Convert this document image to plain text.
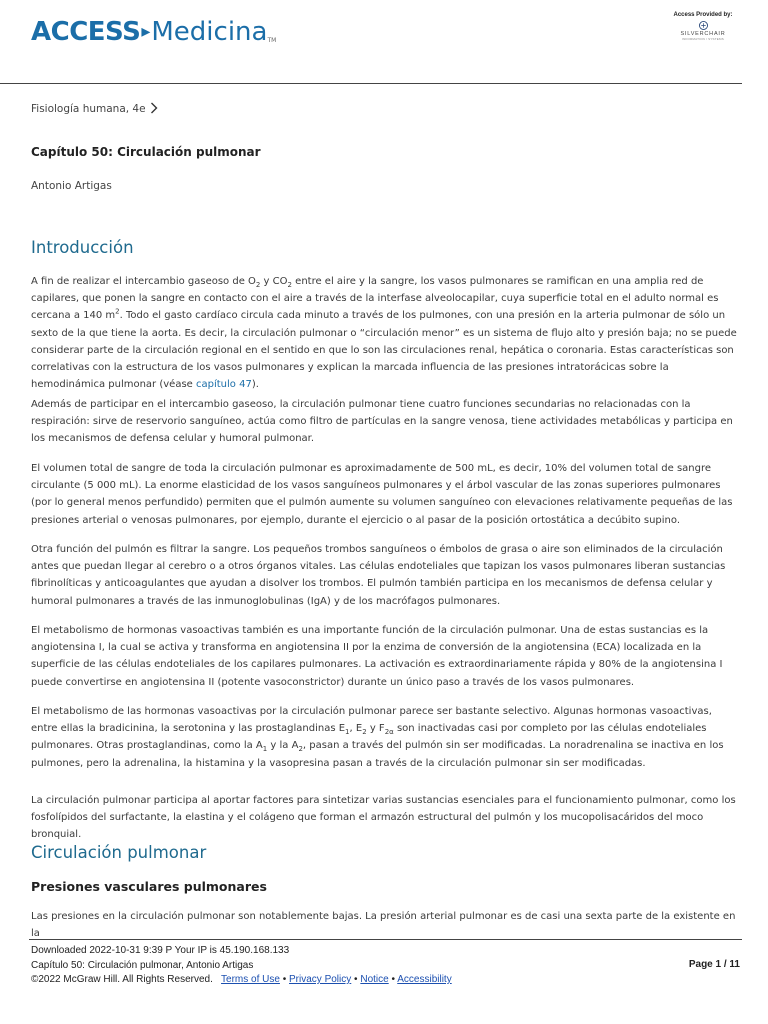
ACCESS▸MedicinaTM
Access Provided by:
SILVERCHAIR
INFORMATION / SYSTEMS
Fisiología humana, 4e
Capítulo 50: Circulación pulmonar
Antonio Artigas
Introducción

A fin de realizar el intercambio gaseoso de $O_2$ y $CO_2$ entre el aire y la sangre, los vasos pulmonares se ramifican en una amplia red de capilares, que ponen la sangre en contacto con el aire a través de la interfase alveolocapilar, cuya superficie total en el adulto normal es cercana a 140 $m^2$. Todo el gasto cardíaco circula cada minuto a través de los pulmones, con una presión en la arteria pulmonar de sólo un sexto de la que tiene la aorta. Es decir, la circulación pulmonar o “circulación menor” es un sistema de flujo alto y presión baja; no se puede considerar parte de la circulación regional en el sentido en que lo son las circulaciones renal, hepática o coronaria. Estas características son correlativas con la estructura de los vasos pulmonares y explican la marcada influencia de las presiones intratorácicas sobre la hemodinámica pulmonar (véase capítulo 47).

Además de participar en el intercambio gaseoso, la circulación pulmonar tiene cuatro funciones secundarias no relacionadas con la respiración: sirve de reservorio sanguíneo, actúa como filtro de partículas en la sangre venosa, tiene actividades metabólicas y participa en los mecanismos de defensa celular y humoral pulmonar.

El volumen total de sangre de toda la circulación pulmonar es aproximadamente de 500 mL, es decir, 10% del volumen total de sangre circulante (5 000 mL). La enorme elasticidad de los vasos sanguíneos pulmonares y el árbol vascular de las zonas superiores pulmonares (por lo general menos perfundido) permiten que el pulmón aumente su volumen sanguíneo con elevaciones relativamente pequeñas de las presiones arterial o venosas pulmonares, por ejemplo, durante el ejercicio o al pasar de la posición ortostática a decúbito supino.

Otra función del pulmón es filtrar la sangre. Los pequeños trombos sanguíneos o émbolos de grasa o aire son eliminados de la circulación antes que puedan llegar al cerebro o a otros órganos vitales. Las células endoteliales que tapizan los vasos pulmonares liberan sustancias fibrinolíticas y anticoagulantes que ayudan a disolver los trombos. El pulmón también participa en los mecanismos de defensa celular y humoral pulmonares a través de las inmunoglobulinas (IgA) y de los macrófagos pulmonares.

El metabolismo de hormonas vasoactivas también es una importante función de la circulación pulmonar. Una de estas sustancias es la angiotensina I, la cual se activa y transforma en angiotensina II por la enzima de conversión de la angiotensina (ECA) localizada en la superficie de las células endoteliales de los capilares pulmonares. La activación es extraordinariamente rápida y 80% de la angiotensina I puede convertirse en angiotensina II (potente vasoconstrictor) durante un único paso a través de los vasos pulmonares.

El metabolismo de las hormonas vasoactivas por la circulación pulmonar parece ser bastante selectivo. Algunas hormonas vasoactivas, entre ellas la bradicinina, la serotonina y las prostaglandinas $E_1$, $E_2$ y $F_{2\alpha}$ son inactivadas casi por completo por las células endoteliales pulmonares. Otras prostaglandinas, como la $A_1$ y la $A_2$, pasan a través del pulmón sin ser modificadas. La noradrenalina se inactiva en los pulmones, pero la adrenalina, la histamina y la vasopresina pasan a través de la circulación pulmonar sin ser modificadas.

La circulación pulmonar participa al aportar factores para sintetizar varias sustancias esenciales para el funcionamiento pulmonar, como los fosfolípidos del surfactante, la elastina y el colágeno que forman el armazón estructural del pulmón y los mucopolisacáridos del moco bronquial.

Circulación pulmonar
Presiones vasculares pulmonares

Las presiones en la circulación pulmonar son notablemente bajas. La presión arterial pulmonar es de casi una sexta parte de la existente en la

Downloaded 2022-10-31 9:39 P Your IP is 45.190.168.133
Capítulo 50: Circulación pulmonar, Antonio Artigas
©2022 McGraw Hill. All Rights Reserved. Terms of Use • Privacy Policy • Notice • Accessibility
Page 1 / 11
